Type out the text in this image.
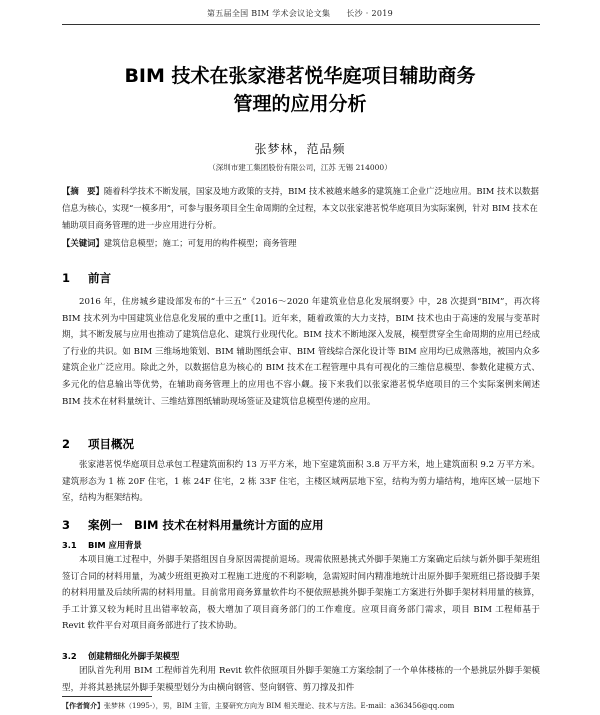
第五届全国 BIM 学术会议论文集 长沙 · 2019
BIM 技术在张家港茗悦华庭项目辅助商务
管理的应用分析
张梦林，范品频
（深圳市建工集团股份有限公司，江苏 无锡 214000）
【摘　要】随着科学技术不断发展，国家及地方政策的支持，BIM 技术被越来越多的建筑施工企业广泛地应用。BIM 技术以数据信息为核心，实现“一模多用”，可参与服务项目全生命周期的全过程，本文以张家港茗悦华庭项目为实际案例，针对 BIM 技术在辅助项目商务管理的进一步应用进行分析。
【关键词】建筑信息模型；施工；可复用的构件模型；商务管理
1 前言
2016 年，住房城乡建设部发布的“十三五”《2016～2020 年建筑业信息化发展纲要》中，28 次提到“BIM”，再次将 BIM 技术列为中国建筑业信息化发展的重中之重[1]。近年来，随着政策的大力支持，BIM 技术也由于高速的发展与变革时期，其不断发展与应用也推动了建筑信息化、建筑行业现代化。BIM 技术不断地深入发展，模型贯穿全生命周期的应用已经成了行业的共识。如 BIM 三维场地策划、BIM 辅助图纸会审、BIM 管线综合深化设计等 BIM 应用均已成熟落地，被国内众多建筑企业广泛应用。除此之外，以数据信息为核心的 BIM 技术在工程管理中具有可视化的三维信息模型、参数化建模方式、多元化的信息输出等优势，在辅助商务管理上的应用也不容小觑。接下来我们以张家港茗悦华庭项目的三个实际案例来阐述 BIM 技术在材料量统计、三维结算图纸辅助现场签证及建筑信息模型传递的应用。
2 项目概况
张家港茗悦华庭项目总承包工程建筑面积约 13 万平方米，地下室建筑面积 3.8 万平方米，地上建筑面积 9.2 万平方米。建筑形态为 1 栋 20F 住宅，1 栋 24F 住宅，2 栋 33F 住宅，主楼区域两层地下室，结构为剪力墙结构，地库区域一层地下室，结构为框架结构。
3 案例一　BIM 技术在材料用量统计方面的应用
3.1 BIM 应用背景
本项目施工过程中，外脚手架搭组因自身原因需提前退场。现需依照悬挑式外脚手架施工方案确定后续与新外脚手架班组签订合同的材料用量，为减少班组更换对工程施工进度的不利影响，急需短时间内精准地统计出原外脚手架班组已搭设脚手架的材料用量及后续所需的材料用量。目前常用商务算量软件均不便依照悬挑外脚手架施工方案进行外脚手架材料用量的核算，手工计算又较为耗时且出错率较高，极大增加了项目商务部门的工作难度。应项目商务部门需求，项目 BIM 工程师基于 Revit 软件平台对项目商务部进行了技术协助。
3.2 创建精细化外脚手架模型
团队首先利用 BIM 工程师首先利用 Revit 软件依照项目外脚手架施工方案绘制了一个单体楼栋的一个悬挑层外脚手架模型，并将其悬挑层外脚手架模型划分为由横向钢管、竖向钢管、剪刀撑及扣件
【作者简介】张梦林（1995-），男，BIM 主管，主要研究方向为 BIM 相关理论、技术与方法。E-mail：a363456@qq.com
